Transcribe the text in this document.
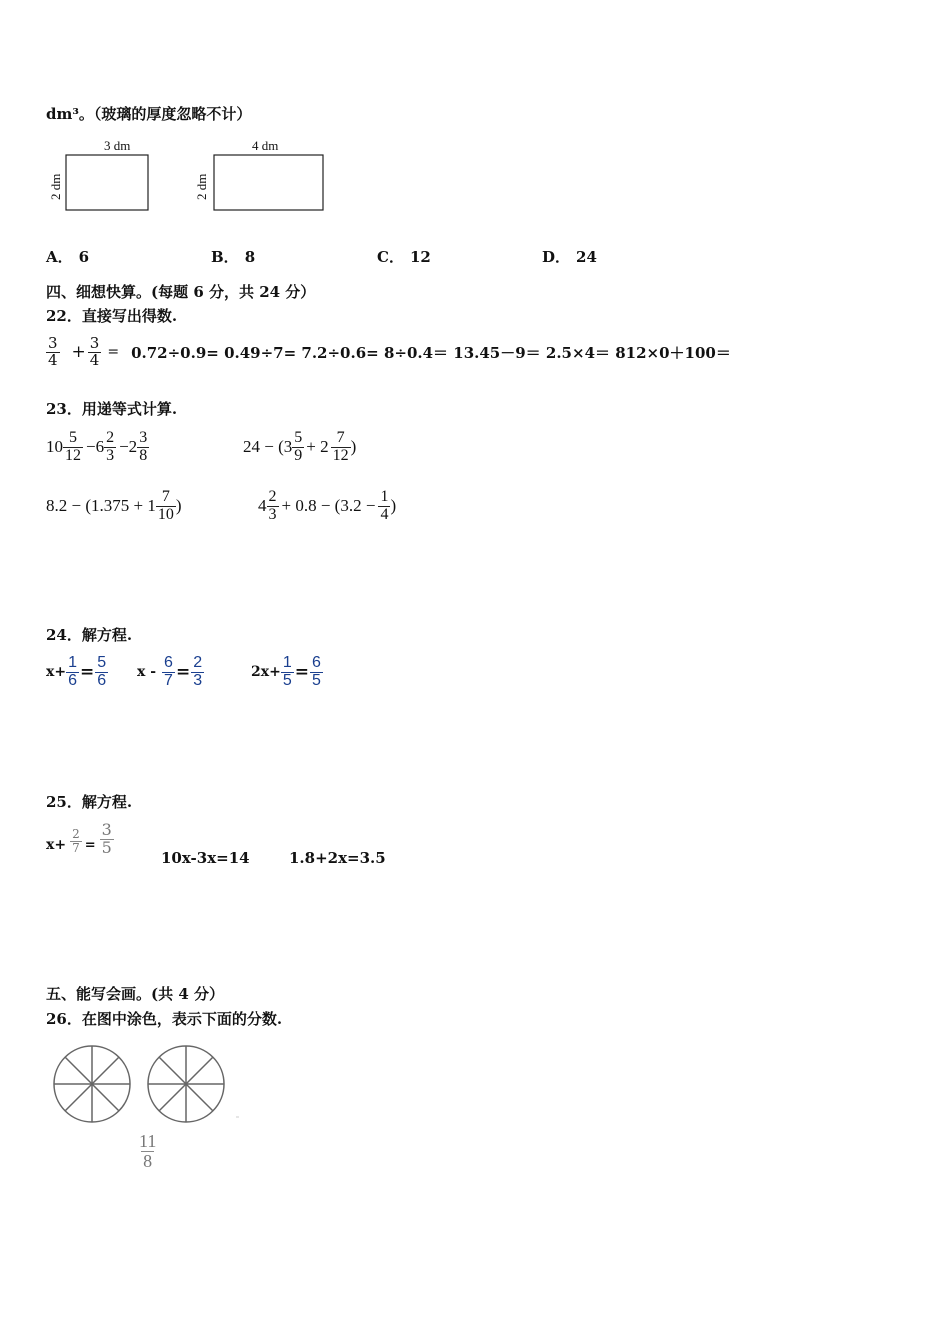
dm³。（玻璃的厚度忽略不计）
3 dm
2 dm
4 dm
2 dm
A． 6	B． 8	C． 12	D． 24
四、细想快算。(每题 6 分，共 24 分）
22．直接写出得数.
$\frac{3}{4} + \frac{3}{4} = 0.72\div 0.9= 0.49\div 7= 7.2\div 0.6= 8\div 0.4= 13.45-9= 2.5\times 4= 812\times 0+100=$
23．用递等式计算.
$10 \frac{5}{12} -6 \frac{2}{3} -2 \frac{3}{8}$	$24 - (3 \frac{5}{9} + 2 \frac{7}{12}$ )
$8.2 - (1.375 + 1 \frac{7}{10}$ )	$4 \frac{2}{3} + 0.8 - (3.2 - \frac{1}{4}$ )
24．解方程.
$x+ \frac{1}{6} = \frac{5}{6}$ $x - \frac{6}{7} = \frac{2}{3}$	$2x+ \frac{1}{5} = \frac{6}{5}$
25．解方程.
$x+ \frac{2}{7} = \frac{3}{5}$
10x-3x=14	1.8+2x=3.5
五、能写会画。(共 4 分）
26．在图中涂色，表示下面的分数.
$\frac{11}{8}$
